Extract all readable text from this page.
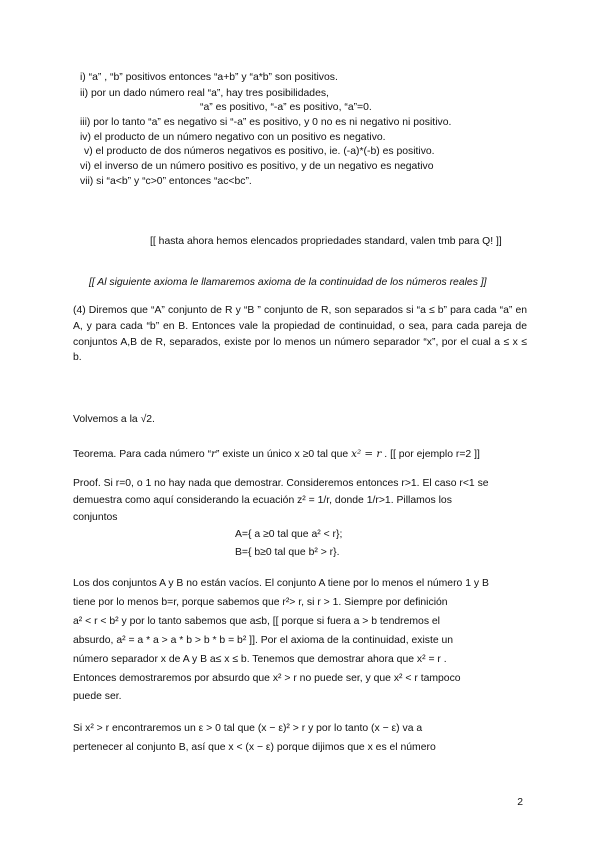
i) “a” , “b” positivos entonces “a+b” y “a*b” son positivos.
ii) por un dado número real “a”, hay tres posibilidades,
“a” es positivo, “-a” es positivo, “a”=0.
iii) por lo tanto “a” es negativo si “-a” es positivo, y 0 no es ni negativo ni positivo.
iv) el producto de un número negativo con un positivo es negativo.
v) el producto de dos números negativos es positivo, ie. (-a)*(-b) es positivo.
vi) el inverso de un número positivo es positivo, y de un negativo es negativo
vii) si “a<b” y “c>0” entonces “ac<bc”.
[[ hasta ahora hemos elencados propriedades standard, valen tmb para Q! ]]
[[ Al siguiente axioma le llamaremos axioma de la continuidad de los números reales ]]
(4) Diremos que “A” conjunto de R y “B ” conjunto de R, son separados si “a ≤ b” para cada “a” en A, y para cada “b” en B. Entonces vale la propiedad de continuidad, o sea, para cada pareja de conjuntos A,B de R, separados, existe por lo menos un número separador “x”, por el cual a ≤ x ≤ b.
Volvemos a la √2.
Teorema. Para cada número “r” existe un único x ≥0 tal que x² = r . [[ por ejemplo r=2 ]]
Proof. Si r=0, o 1 no hay nada que demostrar. Consideremos entonces r>1. El caso r<1 se
demuestra como aquí considerando la ecuación z² = 1/r, donde 1/r>1. Pillamos los
conjuntos
A={ a ≥0 tal que a² < r};
B={ b≥0 tal que b² > r}.
Los dos conjuntos A y B no están vacíos. El conjunto A tiene por lo menos el número 1 y B
tiene por lo menos b=r, porque sabemos que r²> r, si r > 1. Siempre por definición
a² < r < b² y por lo tanto sabemos que a≤b, [[ porque si fuera a > b tendremos el
absurdo, a² = a * a > a * b > b * b = b² ]]. Por el axioma de la continuidad, existe un
número separador x de A y B a≤ x ≤ b. Tenemos que demostrar ahora que x² = r .
Entonces demostraremos por absurdo que x² > r no puede ser, y que x² < r tampoco
puede ser.
Si x² > r encontraremos un ε > 0 tal que (x − ε)² > r y por lo tanto (x − ε) va a
pertenecer al conjunto B, así que x < (x − ε) porque dijimos que x es el número
2
